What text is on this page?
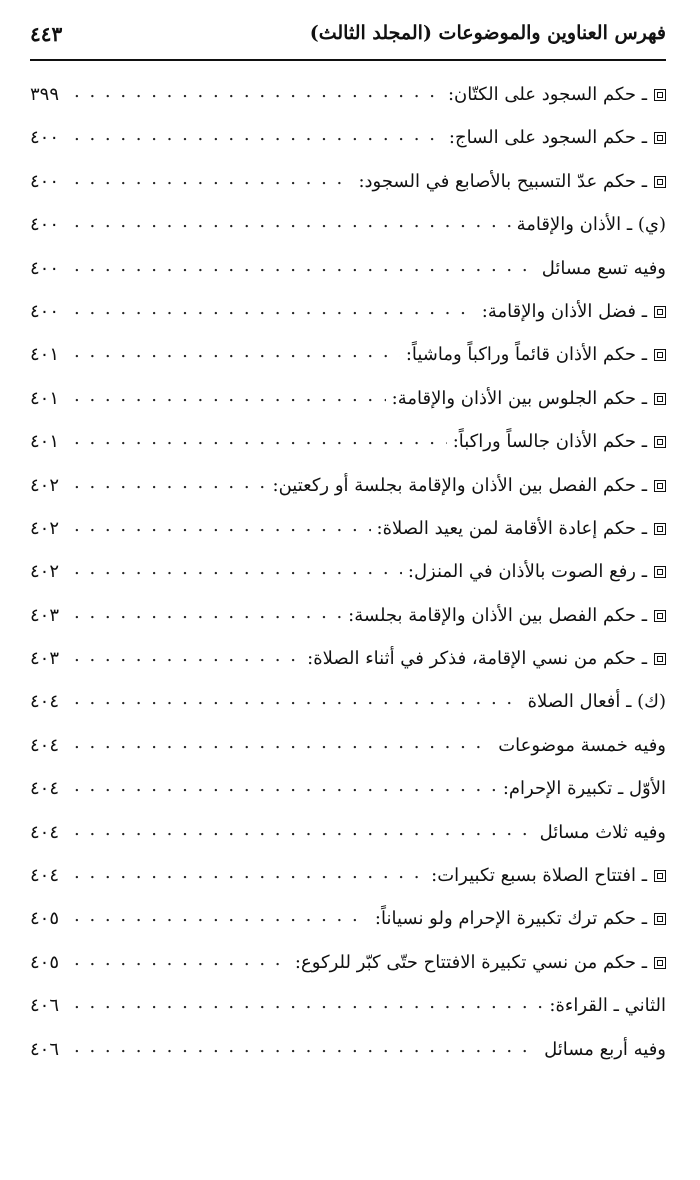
فهرس العناوين والموضوعات (المجلد الثالث)
٤٤٣
ـ حكم السجود على الكتّان:
. . .
٣٩٩
ـ حكم السجود على الساج:
. . .
٤٠٠
ـ حكم عدّ التسبيح بالأصابع في السجود:
. . .
٤٠٠
(ي) ـ الأذان والإقامة
. . .
٤٠٠
وفيه تسع مسائل
. . .
٤٠٠
ـ فضل الأذان والإقامة:
. . .
٤٠٠
ـ حكم الأذان قائماً وراكباً وماشياً:
. . .
٤٠١
ـ حكم الجلوس بين الأذان والإقامة:
. . .
٤٠١
ـ حكم الأذان جالساً وراكباً:
. . .
٤٠١
ـ حكم الفصل بين الأذان والإقامة بجلسة أو ركعتين:
. . .
٤٠٢
ـ حكم إعادة الأقامة لمن يعيد الصلاة:
. . .
٤٠٢
ـ رفع الصوت بالأذان في المنزل:
. . .
٤٠٢
ـ حكم الفصل بين الأذان والإقامة بجلسة:
. . .
٤٠٣
ـ حكم من نسي الإقامة، فذكر في أثناء الصلاة:
. . .
٤٠٣
(ك) ـ أفعال الصلاة
. . .
٤٠٤
وفيه خمسة موضوعات
. . .
٤٠٤
الأوّل ـ تكبيرة الإحرام:
. . .
٤٠٤
وفيه ثلاث مسائل
. . .
٤٠٤
ـ افتتاح الصلاة بسبع تكبيرات:
. . .
٤٠٤
ـ حكم ترك تكبيرة الإحرام ولو نسياناً:
. . .
٤٠٥
ـ حكم من نسي تكبيرة الافتتاح حتّى كبّر للركوع:
. . .
٤٠٥
الثاني ـ القراءة:
. . .
٤٠٦
وفيه أربع مسائل
. . .
٤٠٦
